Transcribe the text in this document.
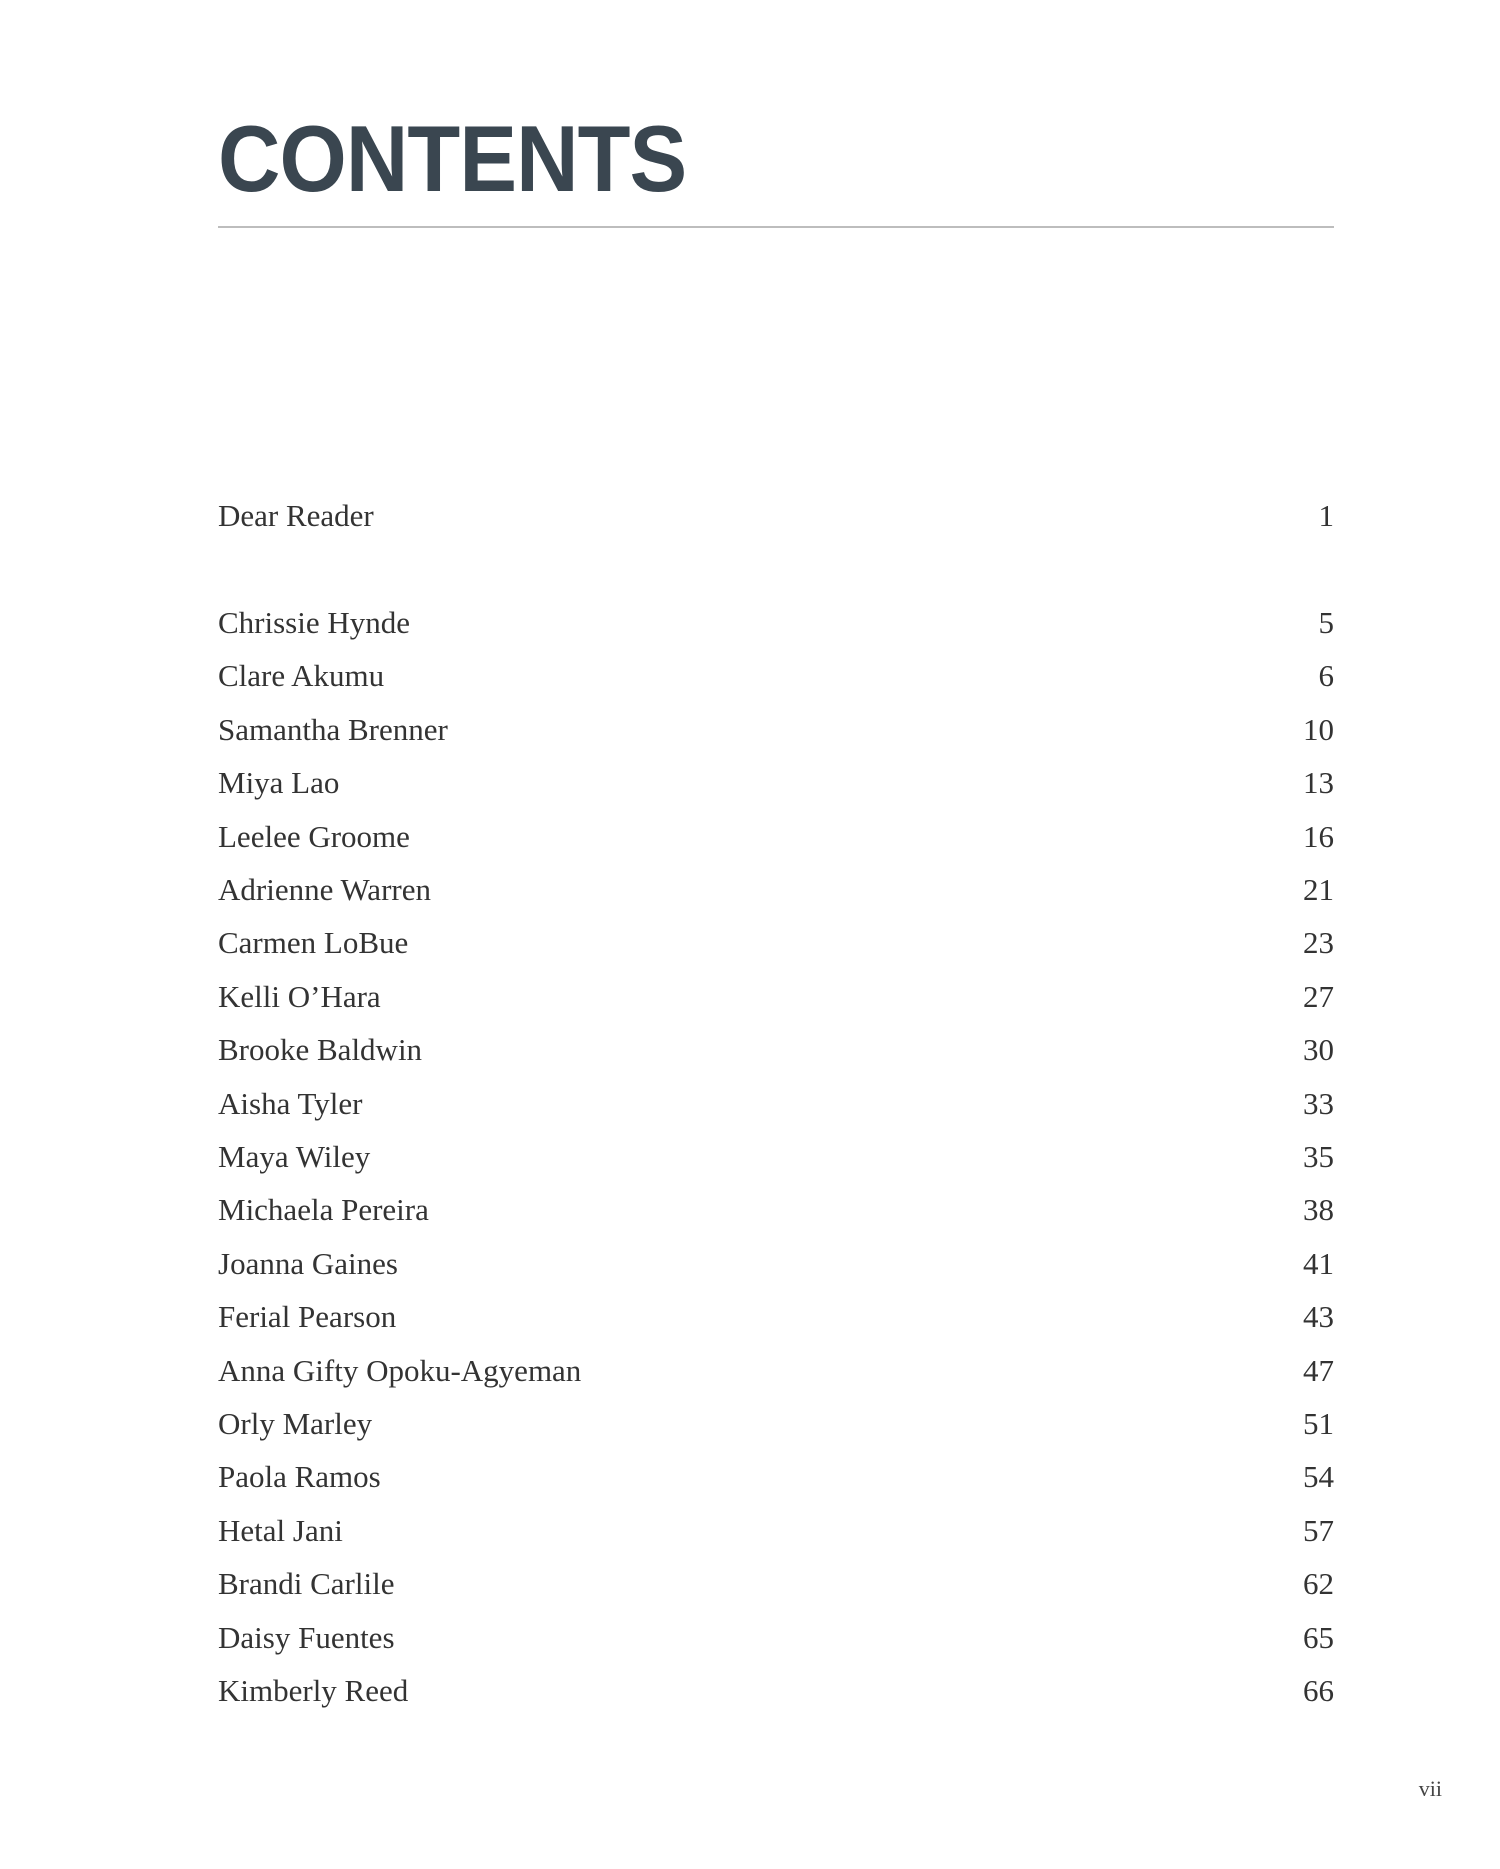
CONTENTS
Dear Reader	1
Chrissie Hynde	5
Clare Akumu	6
Samantha Brenner	10
Miya Lao	13
Leelee Groome	16
Adrienne Warren	21
Carmen LoBue	23
Kelli O’Hara	27
Brooke Baldwin	30
Aisha Tyler	33
Maya Wiley	35
Michaela Pereira	38
Joanna Gaines	41
Ferial Pearson	43
Anna Gifty Opoku-Agyeman	47
Orly Marley	51
Paola Ramos	54
Hetal Jani	57
Brandi Carlile	62
Daisy Fuentes	65
Kimberly Reed	66
vii
